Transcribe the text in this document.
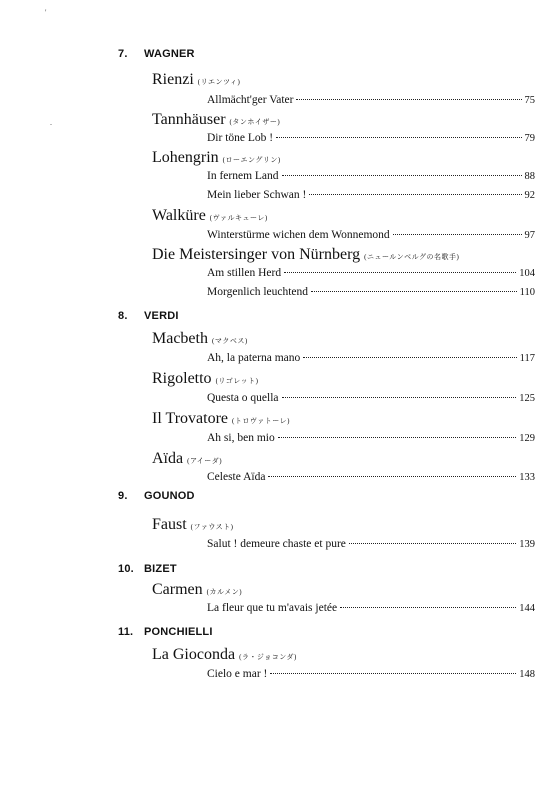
'
.
7. WAGNER
Rienzi (リエンツィ)
Allmächt'ger Vater	75
Tannhäuser (タンホイザー)
Dir töne Lob !	79
Lohengrin (ローエングリン)
In fernem Land	88
Mein lieber Schwan !	92
Walküre (ヴァルキューレ)
Winterstürme wichen dem Wonnemond	97
Die Meistersinger von Nürnberg (ニュールンベルグの名歌手)
Am stillen Herd	104
Morgenlich leuchtend	110
8. VERDI
Macbeth (マクベス)
Ah, la paterna mano	117
Rigoletto (リゴレット)
Questa o quella	125
Il Trovatore (トロヴァトーレ)
Ah si, ben mio	129
Aïda (アイーダ)
Celeste Aïda	133
9. GOUNOD
Faust (ファウスト)
Salut ! demeure chaste et pure	139
10. BIZET
Carmen (カルメン)
La fleur que tu m'avais jetée	144
11. PONCHIELLI
La Gioconda (ラ・ジョコンダ)
Cielo e mar !	148
